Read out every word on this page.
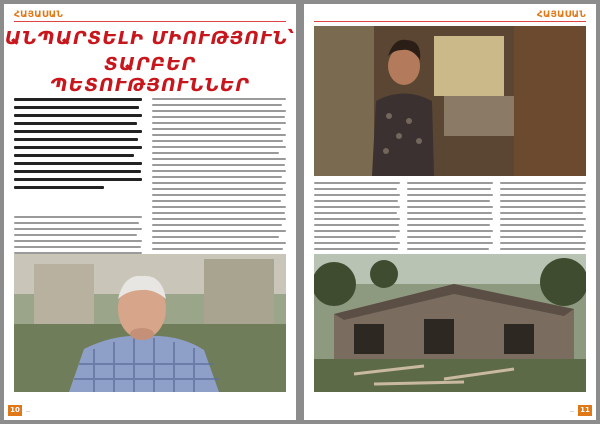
ՀԱՅԱՍԱՆ
ԱՆՊԱՐՏԵԼԻ ՄԻՈՒԹՅՈՒՆ՝
ՏԱՐԲԵՐ ՊԵՏՈՒԹՅՈՒՆՆԵՐ
—
10
ՀԱՅԱՍԱՆ
— 11
